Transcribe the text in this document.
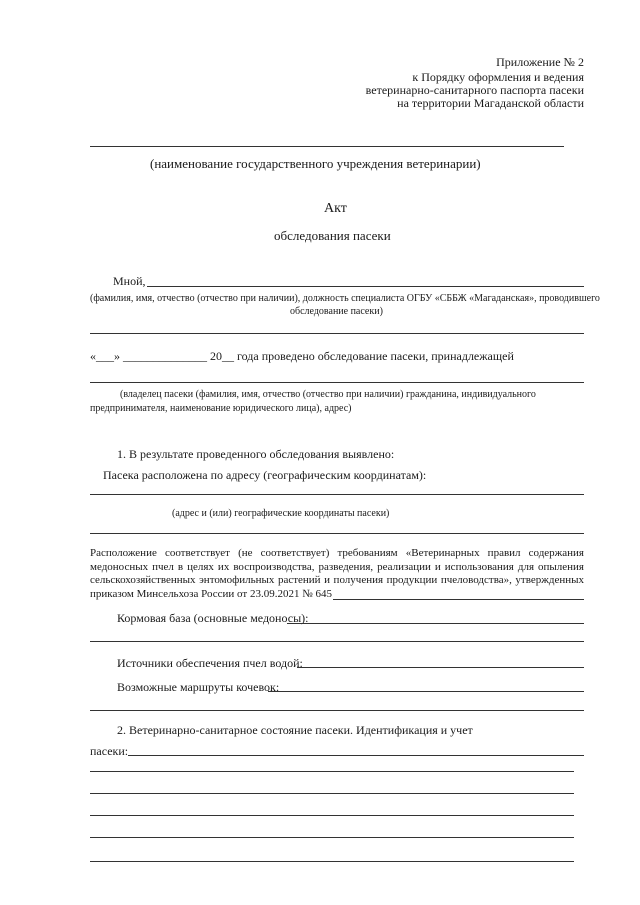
Приложение № 2
к Порядку оформления и ведения
ветеринарно-санитарного паспорта пасеки
на территории Магаданской области
(наименование государственного учреждения ветеринарии)
Акт
обследования пасеки
Мной,
(фамилия, имя, отчество (отчество при наличии), должность специалиста ОГБУ «СББЖ «Магаданская», проводившего
обследование пасеки)
«___» ______________ 20__ года проведено обследование пасеки, принадлежащей
(владелец пасеки (фамилия, имя, отчество (отчество при наличии) гражданина, индивидуального
предпринимателя, наименование юридического лица), адрес)
1. В результате проведенного обследования выявлено:
Пасека расположена по адресу (географическим координатам):
(адрес и (или) географические координаты пасеки)
Расположение соответствует (не соответствует) требованиям «Ветеринарных правил содержания медоносных пчел в целях их воспроизводства, разведения, реализации и использования для опыления сельскохозяйственных энтомофильных растений и получения продукции пчеловодства», утвержденных приказом Минсельхоза России от 23.09.2021 № 645
Кормовая база (основные медоносы):
Источники обеспечения пчел водой:
Возможные маршруты кочевок:
2. Ветеринарно-санитарное состояние пасеки. Идентификация и учет
пасеки:
